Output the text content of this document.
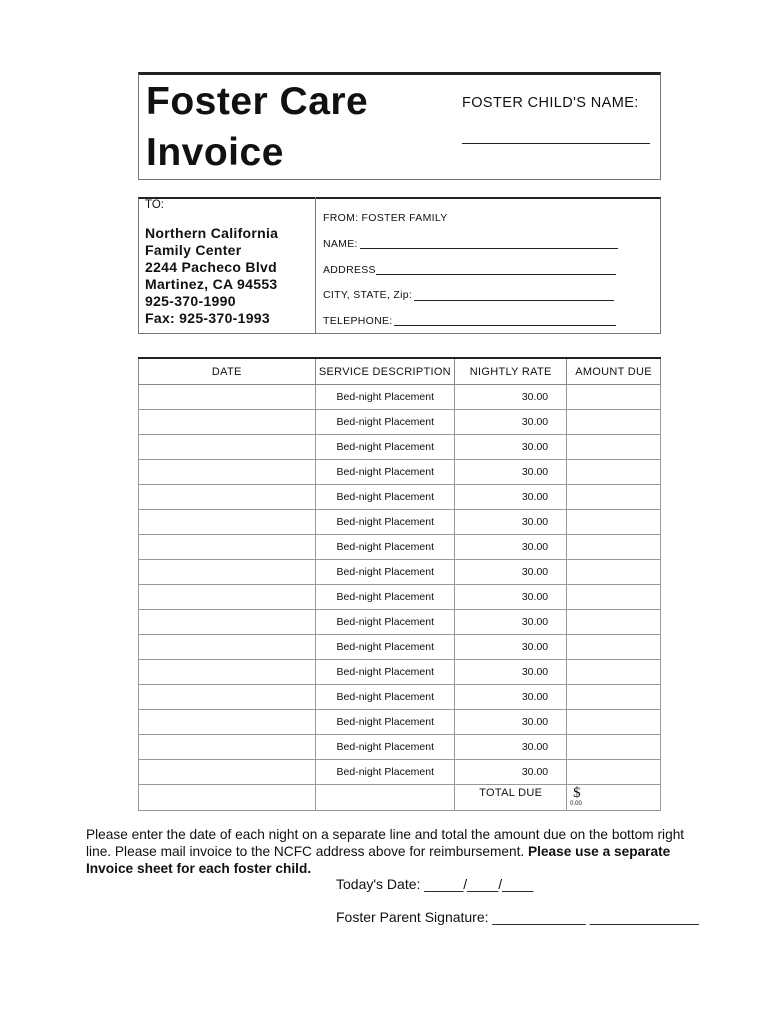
Foster Care
Invoice
FOSTER CHILD'S NAME:
TO:
Northern California
Family Center
2244 Pacheco Blvd
Martinez, CA 94553
925-370-1990
Fax: 925-370-1993
FROM: FOSTER FAMILY
NAME:
ADDRESS
CITY, STATE, Zip:
TELEPHONE:
DATE	SERVICE DESCRIPTION	NIGHTLY RATE	AMOUNT DUE
	Bed-night Placement	30.00	
	Bed-night Placement	30.00	
	Bed-night Placement	30.00	
	Bed-night Placement	30.00	
	Bed-night Placement	30.00	
	Bed-night Placement	30.00	
	Bed-night Placement	30.00	
	Bed-night Placement	30.00	
	Bed-night Placement	30.00	
	Bed-night Placement	30.00	
	Bed-night Placement	30.00	
	Bed-night Placement	30.00	
	Bed-night Placement	30.00	
	Bed-night Placement	30.00	
	Bed-night Placement	30.00	
	Bed-night Placement	30.00	

		TOTAL DUE	$
0.00
Please enter the date of each night on a separate line and total the amount due on the bottom right line. Please mail invoice to the NCFC address above for reimbursement. Please use a separate Invoice sheet for each foster child.
Today's Date: _____/____/____
Foster Parent Signature: ____________ ______________
